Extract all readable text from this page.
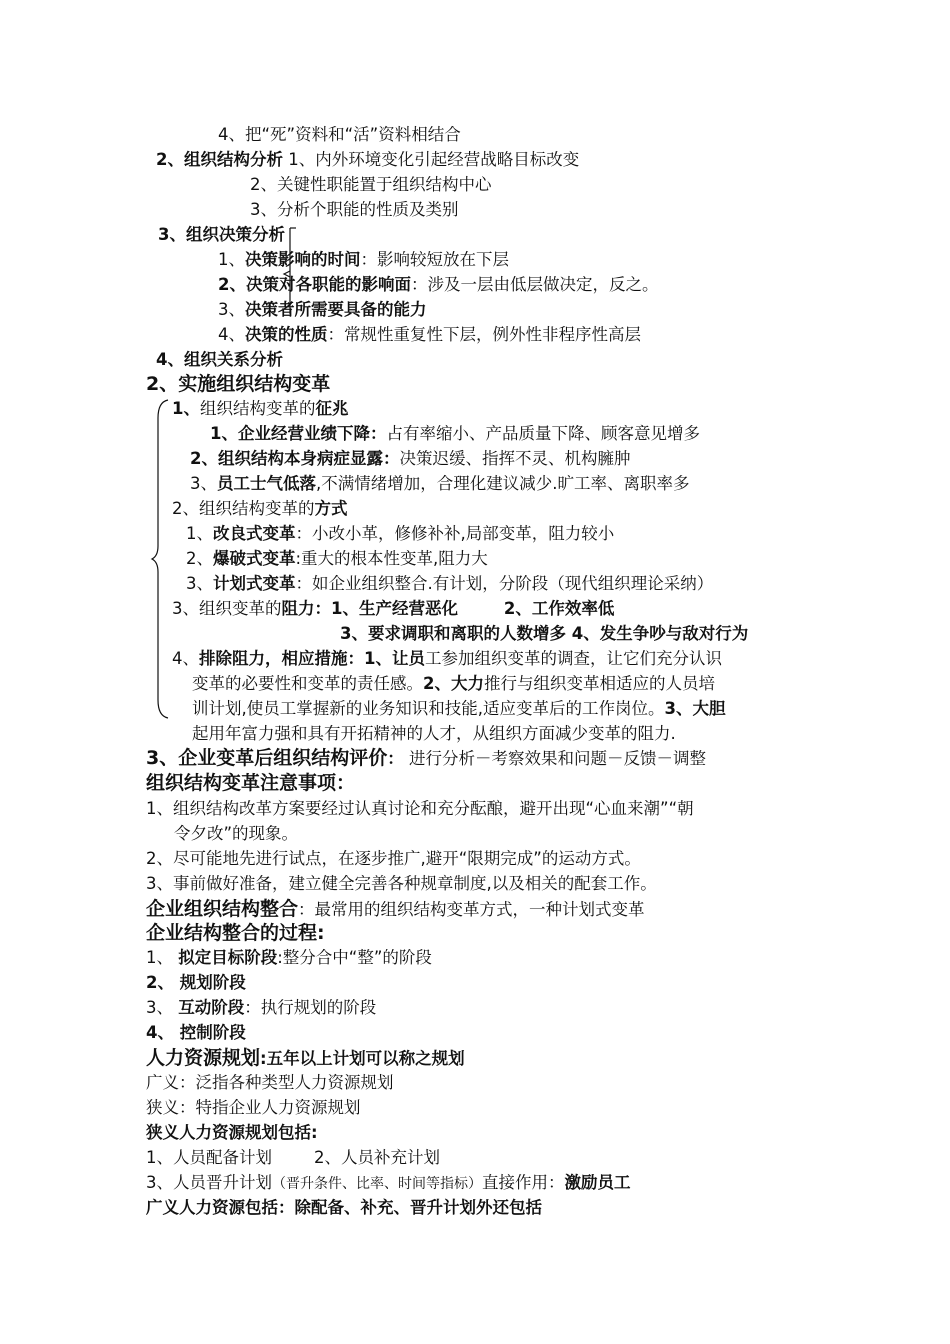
4、把“死”资料和“活”资料相结合
2、组织结构分析 1、内外环境变化引起经营战略目标改变
2、关键性职能置于组织结构中心
3、分析个职能的性质及类别
3、组织决策分析
1、决策影响的时间：影响较短放在下层
2、决策对各职能的影响面：涉及一层由低层做决定，反之。
3、决策者所需要具备的能力
4、决策的性质：常规性重复性下层，例外性非程序性高层
4、组织关系分析
2、实施组织结构变革
1、组织结构变革的征兆
1、企业经营业绩下降：占有率缩小、产品质量下降、顾客意见增多
2、组织结构本身病症显露：决策迟缓、指挥不灵、机构臃肿
3、员工士气低落,不满情绪增加，合理化建议减少.旷工率、离职率多
2、组织结构变革的方式
1、改良式变革：小改小革，修修补补,局部变革，阻力较小
2、爆破式变革:重大的根本性变革,阻力大
3、计划式变革：如企业组织整合.有计划，分阶段（现代组织理论采纳）
3、组织变革的阻力：1、生产经营恶化        2、工作效率低
3、要求调职和离职的人数增多 4、发生争吵与敌对行为
4、排除阻力，相应措施：1、让员工参加组织变革的调查，让它们充分认识
变革的必要性和变革的责任感。2、大力推行与组织变革相适应的人员培
训计划,使员工掌握新的业务知识和技能,适应变革后的工作岗位。3、大胆
起用年富力强和具有开拓精神的人才，从组织方面减少变革的阻力.
3、企业变革后组织结构评价： 进行分析－考察效果和问题－反馈－调整
组织结构变革注意事项：
1、组织结构改革方案要经过认真讨论和充分酝酿，避开出现“心血来潮”“朝
令夕改”的现象。
2、尽可能地先进行试点，在逐步推广,避开“限期完成”的运动方式。
3、事前做好准备，建立健全完善各种规章制度,以及相关的配套工作。
企业组织结构整合：最常用的组织结构变革方式，一种计划式变革
企业结构整合的过程:
1、 拟定目标阶段:整分合中“整”的阶段
2、 规划阶段
3、 互动阶段：执行规划的阶段
4、 控制阶段
人力资源规划:五年以上计划可以称之规划
广义：泛指各种类型人力资源规划
狭义：特指企业人力资源规划
狭义人力资源规划包括:
1、人员配备计划        2、人员补充计划
3、人员晋升计划（晋升条件、比率、时间等指标）直接作用：激励员工
广义人力资源包括：除配备、补充、晋升计划外还包括
